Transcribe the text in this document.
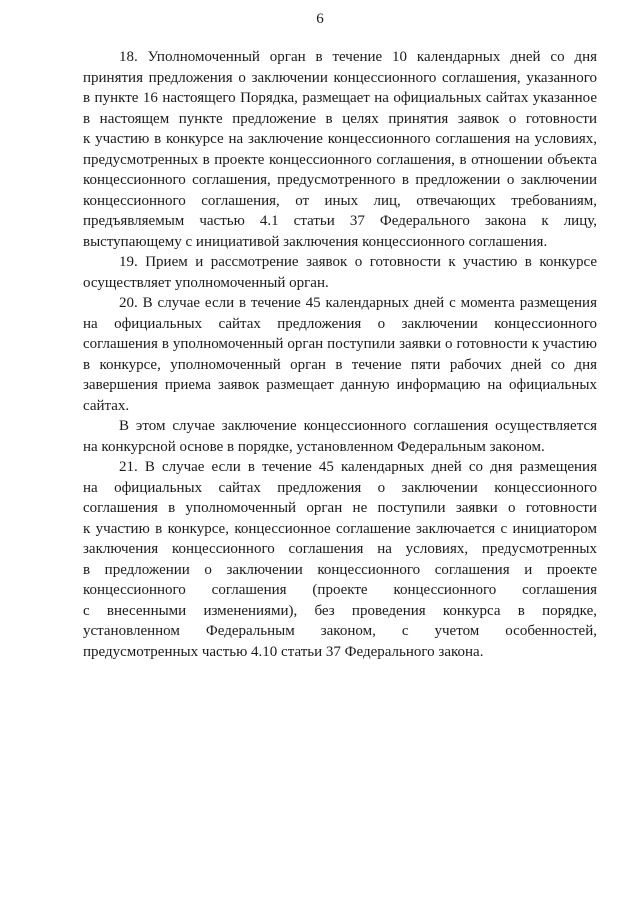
6
18. Уполномоченный орган в течение 10 календарных дней со дня
принятия предложения о заключении концессионного соглашения, указанного
в пункте 16 настоящего Порядка, размещает на официальных сайтах указанное
в настоящем пункте предложение в целях принятия заявок о готовности
к участию в конкурсе на заключение концессионного соглашения на условиях,
предусмотренных в проекте концессионного соглашения, в отношении объекта
концессионного соглашения, предусмотренного в предложении о заключении
концессионного соглашения, от иных лиц, отвечающих требованиям,
предъявляемым частью 4.1 статьи 37 Федерального закона к лицу,
выступающему с инициативой заключения концессионного соглашения.
19. Прием и рассмотрение заявок о готовности к участию в конкурсе
осуществляет уполномоченный орган.
20. В случае если в течение 45 календарных дней с момента размещения
на официальных сайтах предложения о заключении концессионного
соглашения в уполномоченный орган поступили заявки о готовности к участию
в конкурсе, уполномоченный орган в течение пяти рабочих дней со дня
завершения приема заявок размещает данную информацию на официальных
сайтах.
В этом случае заключение концессионного соглашения осуществляется
на конкурсной основе в порядке, установленном Федеральным законом.
21. В случае если в течение 45 календарных дней со дня размещения
на официальных сайтах предложения о заключении концессионного
соглашения в уполномоченный орган не поступили заявки о готовности
к участию в конкурсе, концессионное соглашение заключается с инициатором
заключения концессионного соглашения на условиях, предусмотренных
в предложении о заключении концессионного соглашения и проекте
концессионного соглашения (проекте концессионного соглашения
с внесенными изменениями), без проведения конкурса в порядке,
установленном Федеральным законом, с учетом особенностей,
предусмотренных частью 4.10 статьи 37 Федерального закона.
